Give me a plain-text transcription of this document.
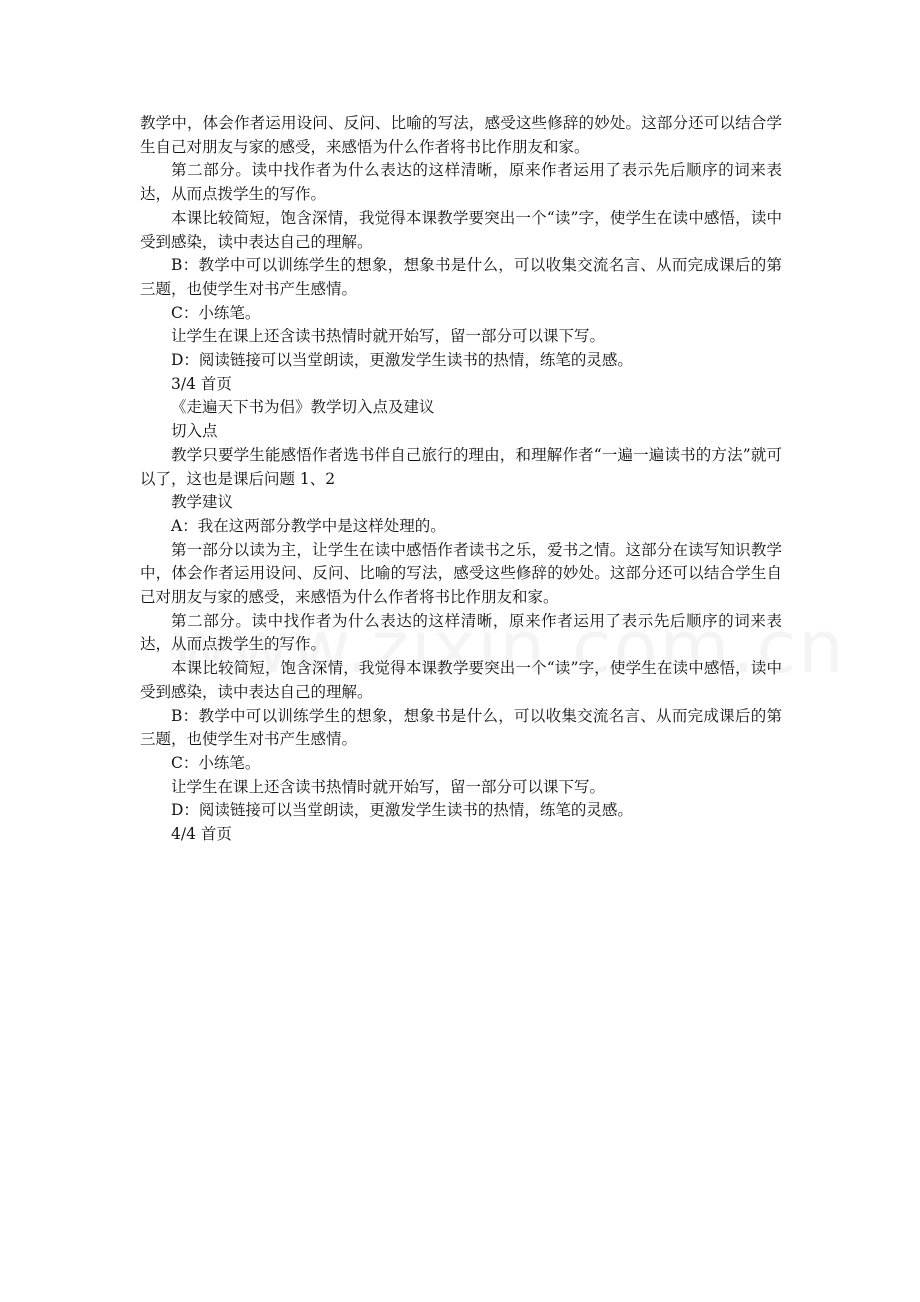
教学中，体会作者运用设问、反问、比喻的写法，感受这些修辞的妙处。这部分还可以结合学生自己对朋友与家的感受，来感悟为什么作者将书比作朋友和家。

第二部分。读中找作者为什么表达的这样清晰，原来作者运用了表示先后顺序的词来表达，从而点拨学生的写作。

本课比较简短，饱含深情，我觉得本课教学要突出一个“读”字，使学生在读中感悟，读中受到感染，读中表达自己的理解。

B：教学中可以训练学生的想象，想象书是什么，可以收集交流名言、从而完成课后的第三题，也使学生对书产生感情。

C：小练笔。

让学生在课上还含读书热情时就开始写，留一部分可以课下写。

D：阅读链接可以当堂朗读，更激发学生读书的热情，练笔的灵感。

3/4 首页

《走遍天下书为侣》教学切入点及建议

切入点

教学只要学生能感悟作者选书伴自己旅行的理由，和理解作者“一遍一遍读书的方法”就可以了，这也是课后问题 1、2

教学建议

A：我在这两部分教学中是这样处理的。

第一部分以读为主，让学生在读中感悟作者读书之乐，爱书之情。这部分在读写知识教学中，体会作者运用设问、反问、比喻的写法，感受这些修辞的妙处。这部分还可以结合学生自己对朋友与家的感受，来感悟为什么作者将书比作朋友和家。

第二部分。读中找作者为什么表达的这样清晰，原来作者运用了表示先后顺序的词来表达，从而点拨学生的写作。

本课比较简短，饱含深情，我觉得本课教学要突出一个“读”字，使学生在读中感悟，读中受到感染，读中表达自己的理解。

B：教学中可以训练学生的想象，想象书是什么，可以收集交流名言、从而完成课后的第三题，也使学生对书产生感情。

C：小练笔。

让学生在课上还含读书热情时就开始写，留一部分可以课下写。

D：阅读链接可以当堂朗读，更激发学生读书的热情，练笔的灵感。

4/4 首页
